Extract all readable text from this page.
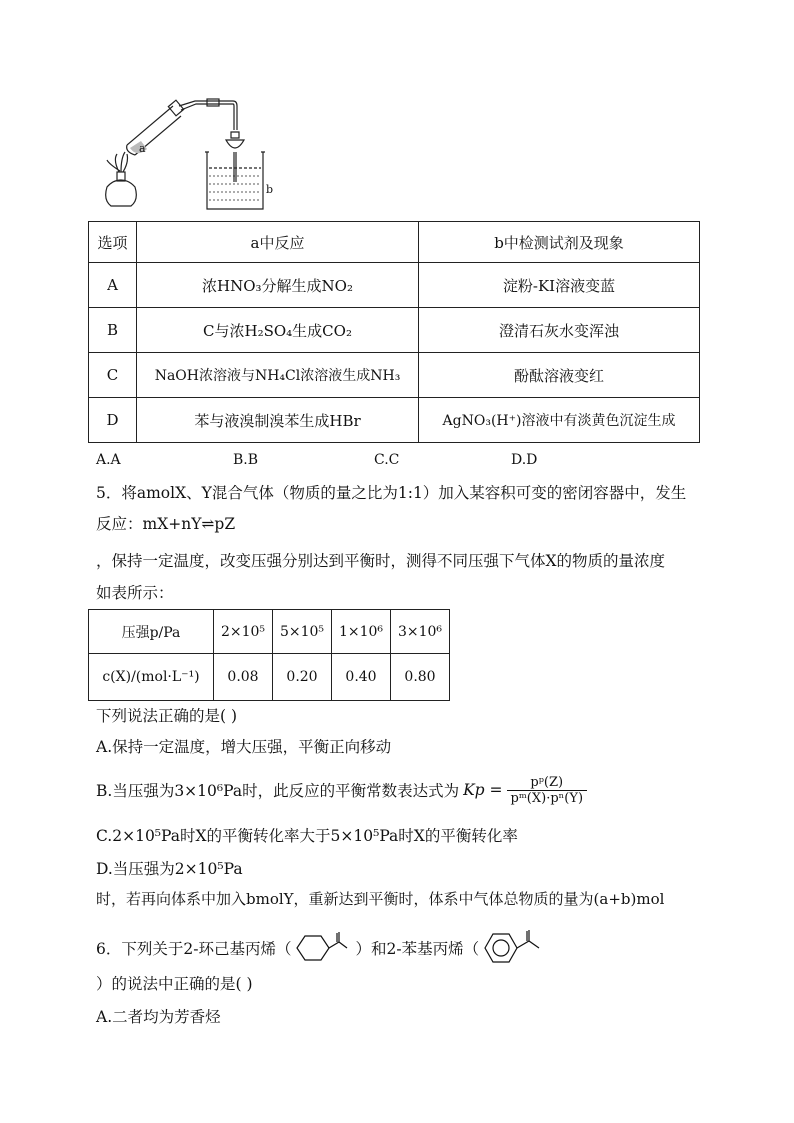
a
b
选项	a中反应	b中检测试剂及现象
A	浓HNO₃分解生成NO₂	淀粉-KI溶液变蓝
B	C与浓H₂SO₄生成CO₂	澄清石灰水变浑浊
C	NaOH浓溶液与NH₄Cl浓溶液生成NH₃	酚酞溶液变红
D	苯与液溴制溴苯生成HBr	AgNO₃(H⁺)溶液中有淡黄色沉淀生成
A.A	B.B	C.C	D.D
5．将amolX、Y混合气体（物质的量之比为1:1）加入某容积可变的密闭容器中，发生
反应：mX+nY⇌pZ
，保持一定温度，改变压强分别达到平衡时，测得不同压强下气体X的物质的量浓度
如表所示：
压强p/Pa	2×10⁵	5×10⁵	1×10⁶	3×10⁶
c(X)/(mol·L⁻¹)	0.08	0.20	0.40	0.80
下列说法正确的是( )
A.保持一定温度，增大压强，平衡正向移动
B.当压强为3×10⁶Pa时，此反应的平衡常数表达式为 $Kp = \frac{\text{pᵖ(Z)}}{\text{pᵐ(X)·pⁿ(Y)}}$
C.2×10⁵Pa时X的平衡转化率大于5×10⁵Pa时X的平衡转化率
D.当压强为2×10⁵Pa
时，若再向体系中加入bmolY，重新达到平衡时，体系中气体总物质的量为(a+b)mol
6．下列关于2-环己基丙烯（	）和2-苯基丙烯（
）的说法中正确的是( )
A.二者均为芳香烃
